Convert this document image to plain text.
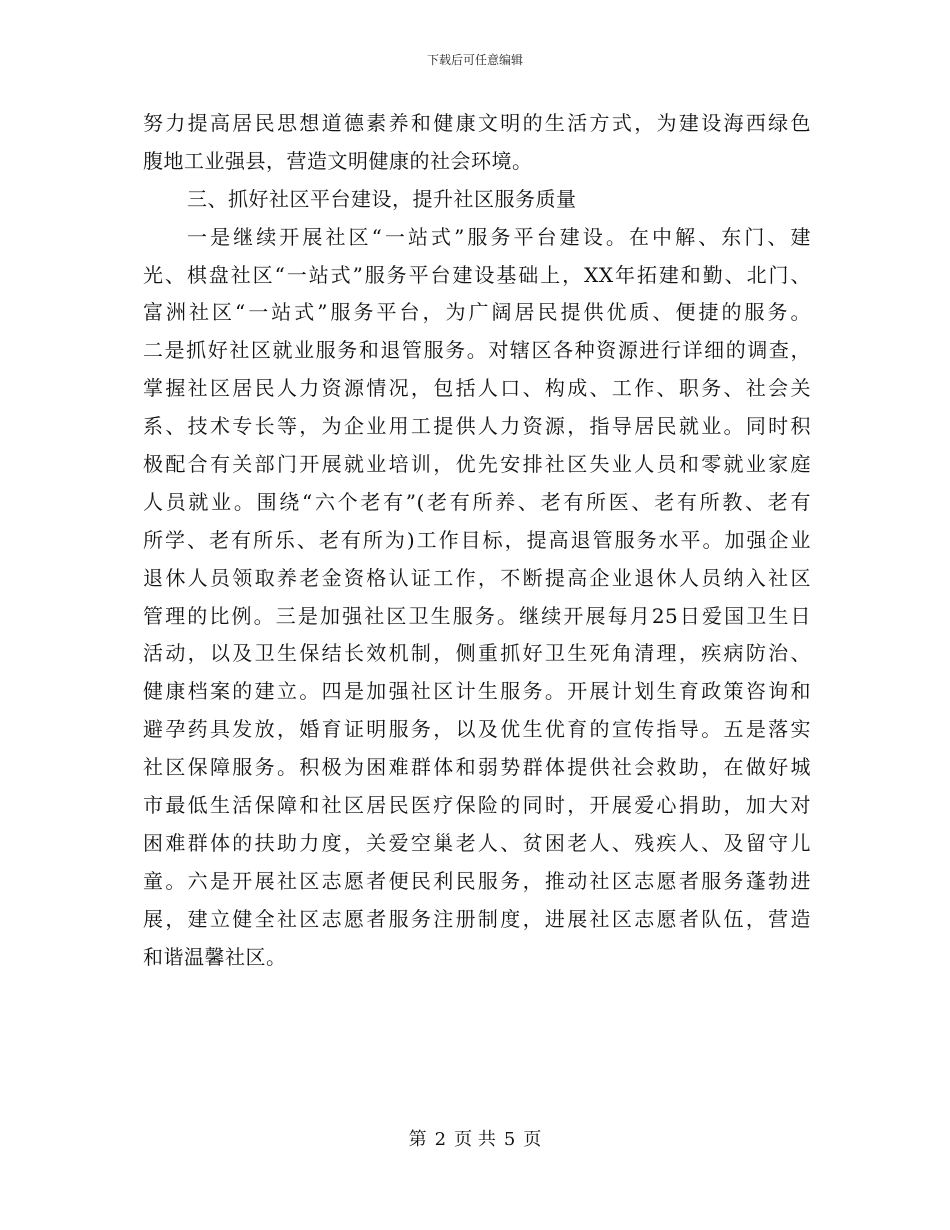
下载后可任意编辑
努力提高居民思想道德素养和健康文明的生活方式，为建设海西绿色
腹地工业强县，营造文明健康的社会环境。
三、抓好社区平台建设，提升社区服务质量
一是继续开展社区“一站式”服务平台建设。在中解、东门、建
光、棋盘社区“一站式”服务平台建设基础上，XX年拓建和勤、北门、
富洲社区“一站式”服务平台，为广阔居民提供优质、便捷的服务。
二是抓好社区就业服务和退管服务。对辖区各种资源进行详细的调查，
掌握社区居民人力资源情况，包括人口、构成、工作、职务、社会关
系、技术专长等，为企业用工提供人力资源，指导居民就业。同时积
极配合有关部门开展就业培训，优先安排社区失业人员和零就业家庭
人员就业。围绕“六个老有”(老有所养、老有所医、老有所教、老有
所学、老有所乐、老有所为)工作目标，提高退管服务水平。加强企业
退休人员领取养老金资格认证工作，不断提高企业退休人员纳入社区
管理的比例。三是加强社区卫生服务。继续开展每月25日爱国卫生日
活动，以及卫生保结长效机制，侧重抓好卫生死角清理，疾病防治、
健康档案的建立。四是加强社区计生服务。开展计划生育政策咨询和
避孕药具发放，婚育证明服务，以及优生优育的宣传指导。五是落实
社区保障服务。积极为困难群体和弱势群体提供社会救助，在做好城
市最低生活保障和社区居民医疗保险的同时，开展爱心捐助，加大对
困难群体的扶助力度，关爱空巢老人、贫困老人、残疾人、及留守儿
童。六是开展社区志愿者便民利民服务，推动社区志愿者服务蓬勃进
展，建立健全社区志愿者服务注册制度，进展社区志愿者队伍，营造
和谐温馨社区。
第 2 页 共 5 页
